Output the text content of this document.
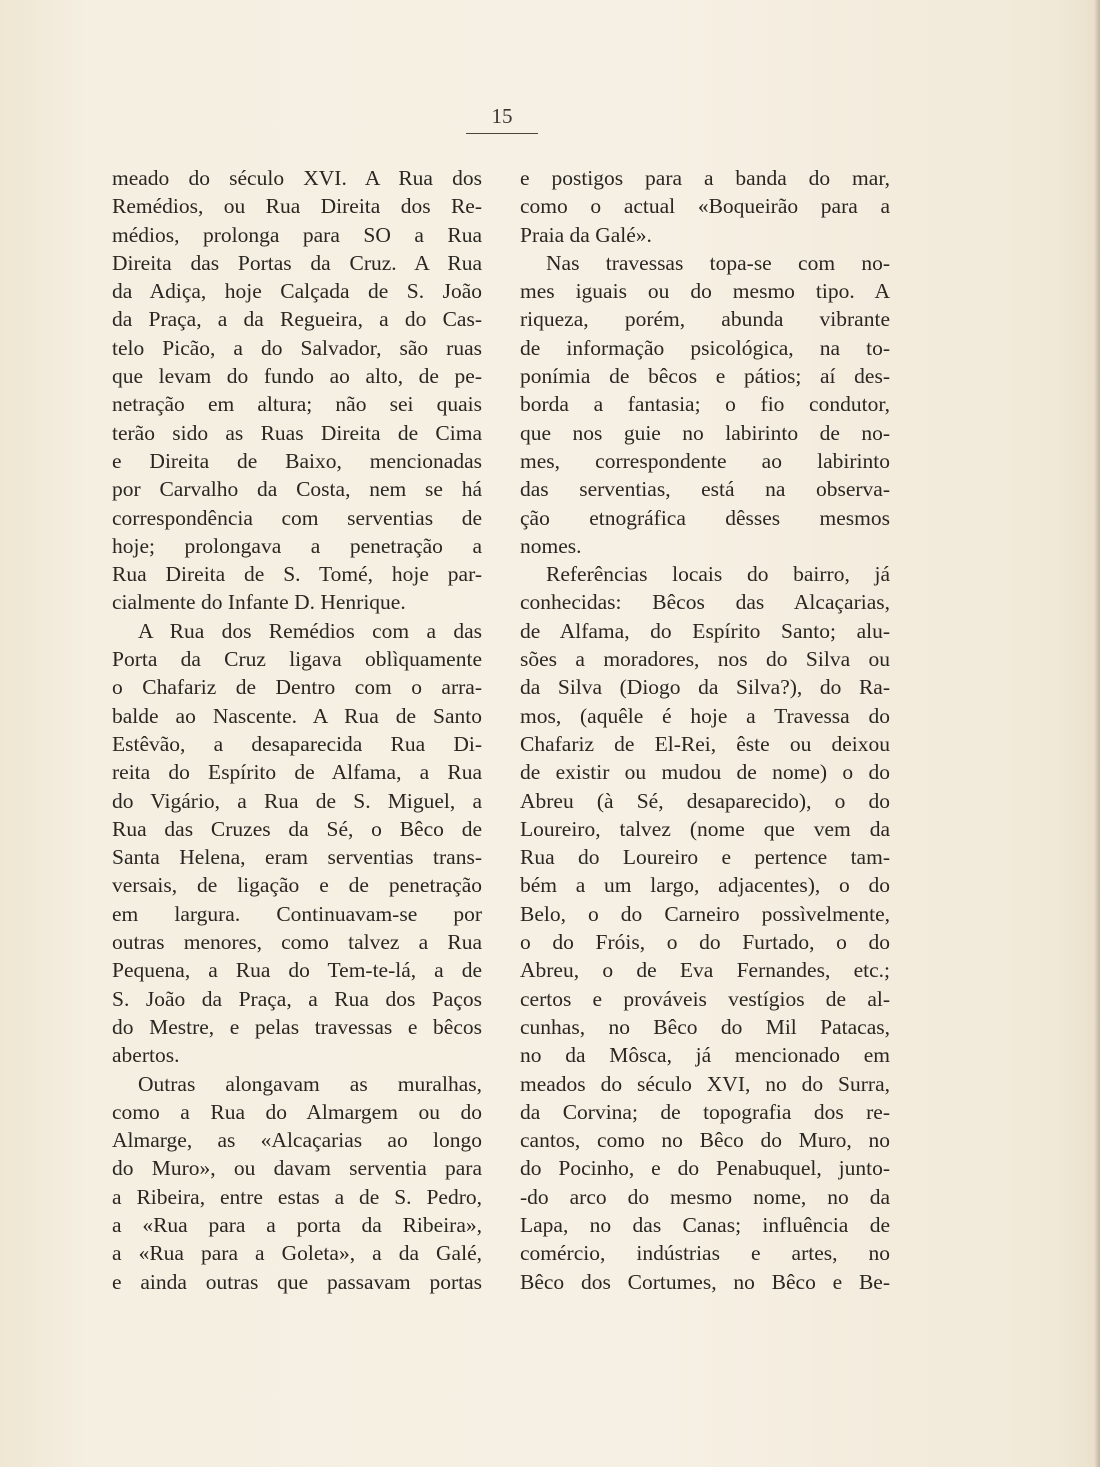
15
meado do século XVI. A Rua dos
Remédios, ou Rua Direita dos Re-
médios, prolonga para SO a Rua
Direita das Portas da Cruz. A Rua
da Adiça, hoje Calçada de S. João
da Praça, a da Regueira, a do Cas-
telo Picão, a do Salvador, são ruas
que levam do fundo ao alto, de pe-
netração em altura; não sei quais
terão sido as Ruas Direita de Cima
e Direita de Baixo, mencionadas
por Carvalho da Costa, nem se há
correspondência com serventias de
hoje; prolongava a penetração a
Rua Direita de S. Tomé, hoje par-
cialmente do Infante D. Henrique.
A Rua dos Remédios com a das
Porta da Cruz ligava oblìquamente
o Chafariz de Dentro com o arra-
balde ao Nascente. A Rua de Santo
Estêvão, a desaparecida Rua Di-
reita do Espírito de Alfama, a Rua
do Vigário, a Rua de S. Miguel, a
Rua das Cruzes da Sé, o Bêco de
Santa Helena, eram serventias trans-
versais, de ligação e de penetração
em largura. Continuavam-se por
outras menores, como talvez a Rua
Pequena, a Rua do Tem-te-lá, a de
S. João da Praça, a Rua dos Paços
do Mestre, e pelas travessas e bêcos
abertos.
Outras alongavam as muralhas,
como a Rua do Almargem ou do
Almarge, as «Alcaçarias ao longo
do Muro», ou davam serventia para
a Ribeira, entre estas a de S. Pedro,
a «Rua para a porta da Ribeira»,
a «Rua para a Goleta», a da Galé,
e ainda outras que passavam portas
e postigos para a banda do mar,
como o actual «Boqueirão para a
Praia da Galé».
Nas travessas topa-se com no-
mes iguais ou do mesmo tipo. A
riqueza, porém, abunda vibrante
de informação psicológica, na to-
ponímia de bêcos e pátios; aí des-
borda a fantasia; o fio condutor,
que nos guie no labirinto de no-
mes, correspondente ao labirinto
das serventias, está na observa-
ção etnográfica dêsses mesmos
nomes.
Referências locais do bairro, já
conhecidas: Bêcos das Alcaçarias,
de Alfama, do Espírito Santo; alu-
sões a moradores, nos do Silva ou
da Silva (Diogo da Silva?), do Ra-
mos, (aquêle é hoje a Travessa do
Chafariz de El-Rei, êste ou deixou
de existir ou mudou de nome) o do
Abreu (à Sé, desaparecido), o do
Loureiro, talvez (nome que vem da
Rua do Loureiro e pertence tam-
bém a um largo, adjacentes), o do
Belo, o do Carneiro possìvelmente,
o do Fróis, o do Furtado, o do
Abreu, o de Eva Fernandes, etc.;
certos e prováveis vestígios de al-
cunhas, no Bêco do Mil Patacas,
no da Môsca, já mencionado em
meados do século XVI, no do Surra,
da Corvina; de topografia dos re-
cantos, como no Bêco do Muro, no
do Pocinho, e do Penabuquel, junto-
-do arco do mesmo nome, no da
Lapa, no das Canas; influência de
comércio, indústrias e artes, no
Bêco dos Cortumes, no Bêco e Be-
